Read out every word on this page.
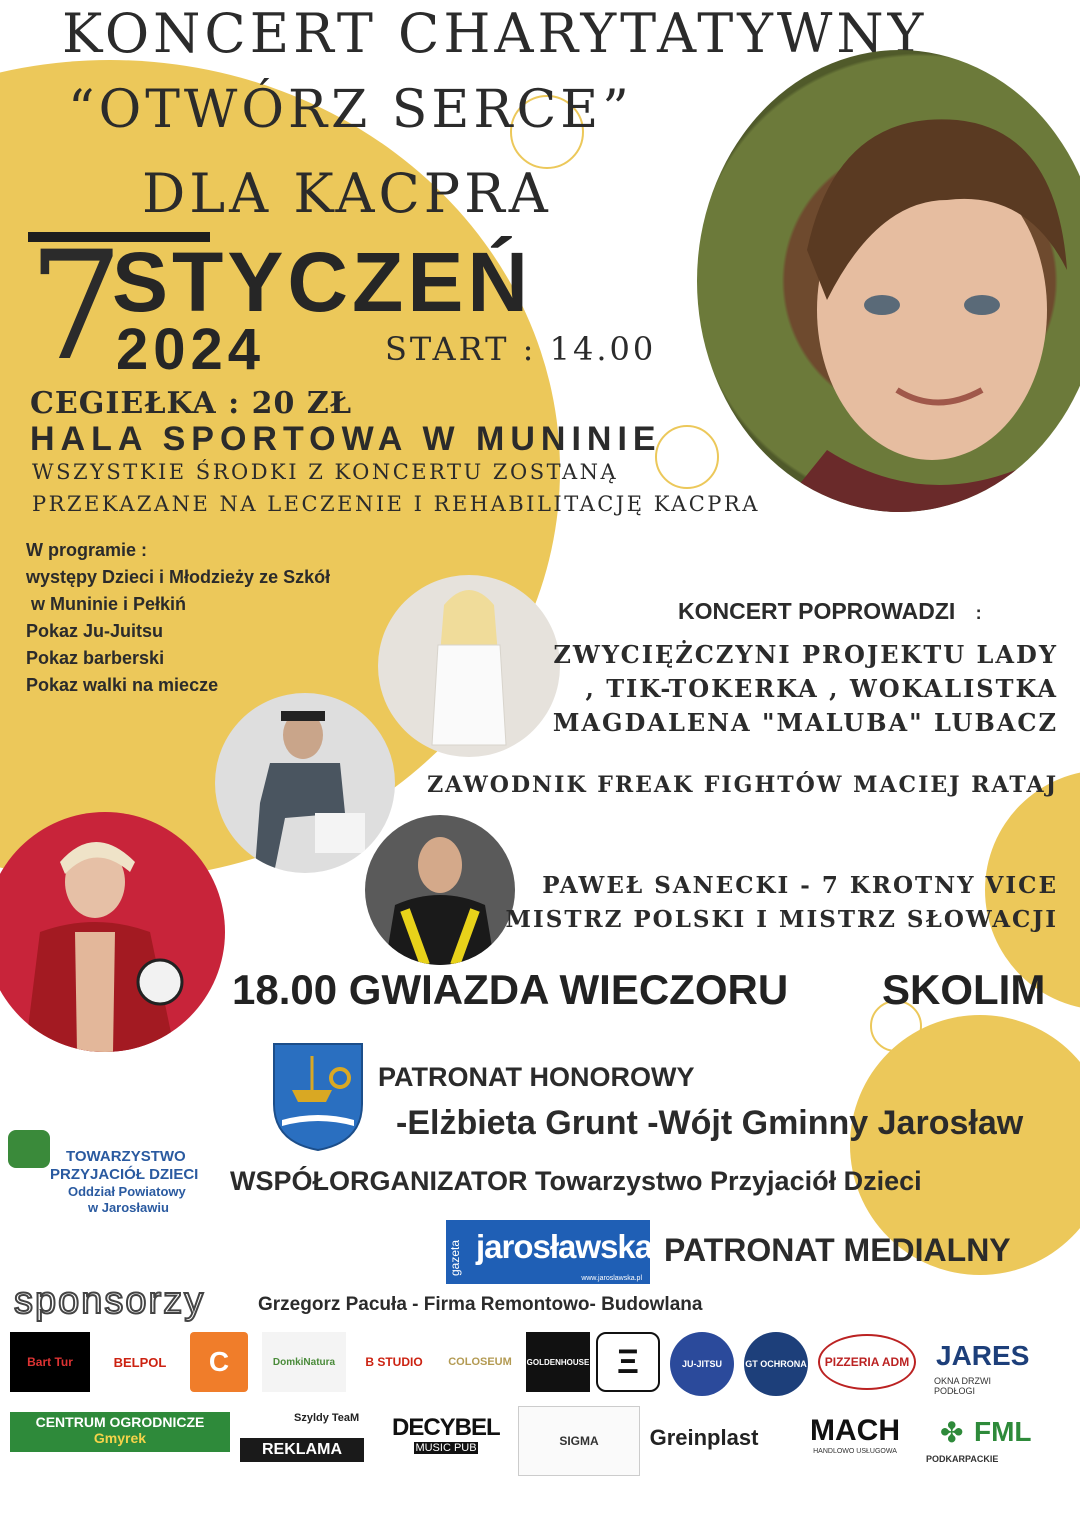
KONCERT CHARYTATYWNY
“OTWÓRZ SERCE”
DLA KACPRA
7
STYCZEŃ
2024	START : 14.00
CEGIEŁKA : 20 ZŁ
HALA SPORTOWA W MUNINIE
WSZYSTKIE ŚRODKI Z KONCERTU ZOSTANĄ
PRZEKAZANE NA LECZENIE I REHABILITACJĘ KACPRA
W programie :
występy Dzieci i Młodzieży ze Szkół
w Muninie i Pełkiń
Pokaz Ju-Juitsu
Pokaz barberski
Pokaz walki na miecze
KONCERT POPROWADZI :
ZWYCIĘŻCZYNI PROJEKTU LADY
, TIK-TOKERKA , WOKALISTKA
MAGDALENA "MALUBA" LUBACZ
ZAWODNIK FREAK FIGHTÓW MACIEJ RATAJ
PAWEŁ SANECKI - 7 KROTNY VICE
MISTRZ POLSKI I MISTRZ SŁOWACJI
18.00 GWIAZDA WIECZORU SKOLIM
PATRONAT HONOROWY
-Elżbieta Grunt -Wójt Gminny Jarosław
TOWARZYSTWO
PRZYJACIÓŁ DZIECI
Oddział Powiatowy
w Jarosławiu
WSPÓŁORGANIZATOR Towarzystwo Przyjaciół Dzieci
gazeta jarosławska
www.jaroslawska.pl
PATRONAT MEDIALNY
sponsorzy	Grzegorz Pacuła - Firma Remontowo- Budowlana
Bart Tur	BELPOL	C	DomkiNatura	B STUDIO	COLOSEUM	GOLDENHOUSE Ξ	JU-JITSU	GT OCHRONA	PIZZERIA ADM JARES
OKNA DRZWI PODŁOGI
CENTRUM OGRODNICZE
Gmyrek
Szyldy TeaM
REKLAMA
DECYBEL
MUSIC PUB	SIGMA	Greinplast	MACH
HANDLOWO USŁUGOWA
✤ FML
PODKARPACKIE
